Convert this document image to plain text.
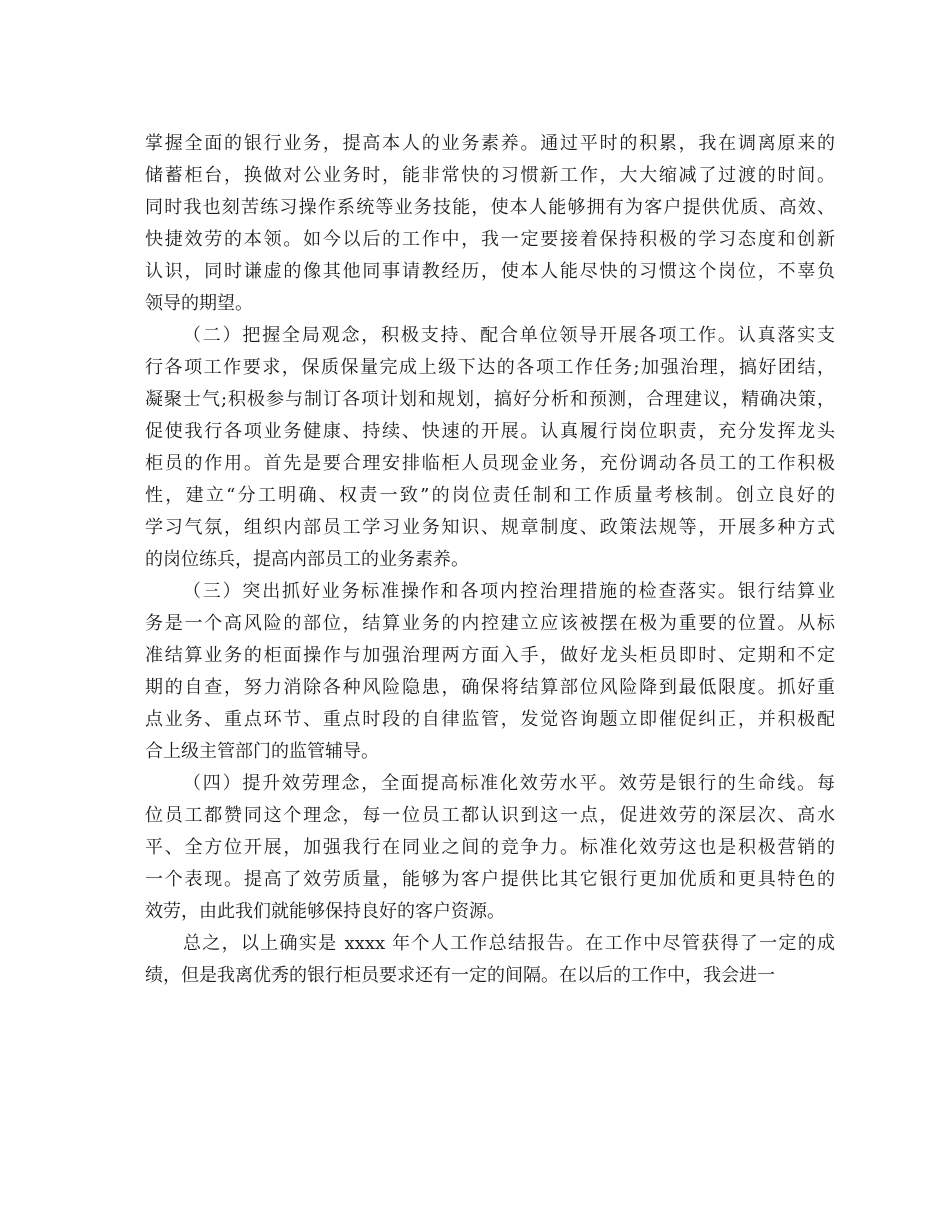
掌握全面的银行业务，提高本人的业务素养。通过平时的积累，我在调离原来的
储蓄柜台，换做对公业务时，能非常快的习惯新工作，大大缩减了过渡的时间。
同时我也刻苦练习操作系统等业务技能，使本人能够拥有为客户提供优质、高效、
快捷效劳的本领。如今以后的工作中，我一定要接着保持积极的学习态度和创新
认识，同时谦虚的像其他同事请教经历，使本人能尽快的习惯这个岗位，不辜负
领导的期望。
（二）把握全局观念，积极支持、配合单位领导开展各项工作。认真落实支
行各项工作要求，保质保量完成上级下达的各项工作任务;加强治理，搞好团结，
凝聚士气;积极参与制订各项计划和规划，搞好分析和预测，合理建议，精确决策，
促使我行各项业务健康、持续、快速的开展。认真履行岗位职责，充分发挥龙头
柜员的作用。首先是要合理安排临柜人员现金业务，充份调动各员工的工作积极
性，建立“分工明确、权责一致”的岗位责任制和工作质量考核制。创立良好的
学习气氛，组织内部员工学习业务知识、规章制度、政策法规等，开展多种方式
的岗位练兵，提高内部员工的业务素养。
（三）突出抓好业务标准操作和各项内控治理措施的检查落实。银行结算业
务是一个高风险的部位，结算业务的内控建立应该被摆在极为重要的位置。从标
准结算业务的柜面操作与加强治理两方面入手，做好龙头柜员即时、定期和不定
期的自查，努力消除各种风险隐患，确保将结算部位风险降到最低限度。抓好重
点业务、重点环节、重点时段的自律监管，发觉咨询题立即催促纠正，并积极配
合上级主管部门的监管辅导。
（四）提升效劳理念，全面提高标准化效劳水平。效劳是银行的生命线。每
位员工都赞同这个理念，每一位员工都认识到这一点，促进效劳的深层次、高水
平、全方位开展，加强我行在同业之间的竞争力。标准化效劳这也是积极营销的
一个表现。提高了效劳质量，能够为客户提供比其它银行更加优质和更具特色的
效劳，由此我们就能够保持良好的客户资源。
总之，以上确实是 xxxx 年个人工作总结报告。在工作中尽管获得了一定的成
绩，但是我离优秀的银行柜员要求还有一定的间隔。在以后的工作中，我会进一
